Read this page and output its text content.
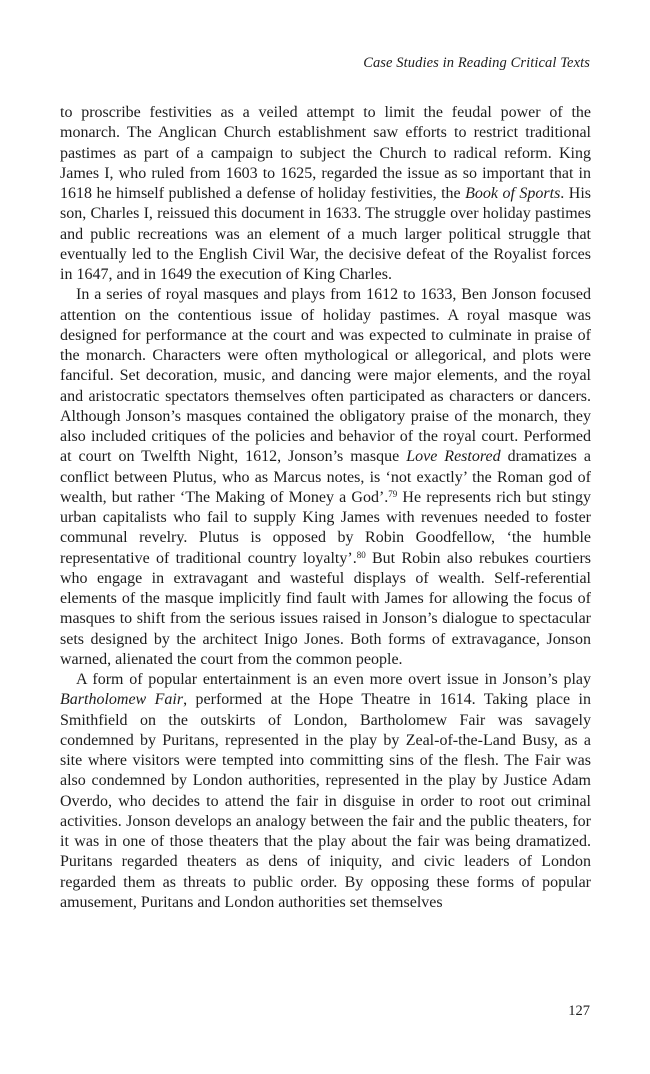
Case Studies in Reading Critical Texts

to proscribe festivities as a veiled attempt to limit the feudal power of the monarch. The Anglican Church establishment saw efforts to restrict traditional pastimes as part of a campaign to subject the Church to radical reform. King James I, who ruled from 1603 to 1625, regarded the issue as so important that in 1618 he himself published a defense of holiday festivities, the Book of Sports. His son, Charles I, reissued this document in 1633. The struggle over holiday pastimes and public recreations was an element of a much larger political struggle that eventually led to the English Civil War, the decisive defeat of the Royalist forces in 1647, and in 1649 the execution of King Charles.

In a series of royal masques and plays from 1612 to 1633, Ben Jonson focused attention on the contentious issue of holiday pastimes. A royal masque was designed for performance at the court and was expected to culminate in praise of the monarch. Characters were often mythological or allegorical, and plots were fanciful. Set decoration, music, and dancing were major elements, and the royal and aristocratic spectators themselves often participated as characters or dancers. Although Jonson’s masques contained the obligatory praise of the monarch, they also included critiques of the policies and behavior of the royal court. Performed at court on Twelfth Night, 1612, Jonson’s masque Love Restored dramatizes a conflict between Plutus, who as Marcus notes, is ‘not exactly’ the Roman god of wealth, but rather ‘The Making of Money a God’.$^{79}$ He represents rich but stingy urban capitalists who fail to supply King James with revenues needed to foster communal revelry. Plutus is opposed by Robin Goodfellow, ‘the humble representative of traditional country loyalty’.$^{80}$ But Robin also rebukes courtiers who engage in extravagant and wasteful displays of wealth. Self-referential elements of the masque implicitly find fault with James for allowing the focus of masques to shift from the serious issues raised in Jonson’s dialogue to spectacular sets designed by the architect Inigo Jones. Both forms of extravagance, Jonson warned, alienated the court from the common people.

A form of popular entertainment is an even more overt issue in Jonson’s play Bartholomew Fair, performed at the Hope Theatre in 1614. Taking place in Smithfield on the outskirts of London, Bartholomew Fair was savagely condemned by Puritans, represented in the play by Zeal-of-the-Land Busy, as a site where visitors were tempted into committing sins of the flesh. The Fair was also condemned by London authorities, represented in the play by Justice Adam Overdo, who decides to attend the fair in disguise in order to root out criminal activities. Jonson develops an analogy between the fair and the public theaters, for it was in one of those theaters that the play about the fair was being dramatized. Puritans regarded theaters as dens of iniquity, and civic leaders of London regarded them as threats to public order. By opposing these forms of popular amusement, Puritans and London authorities set themselves

127
